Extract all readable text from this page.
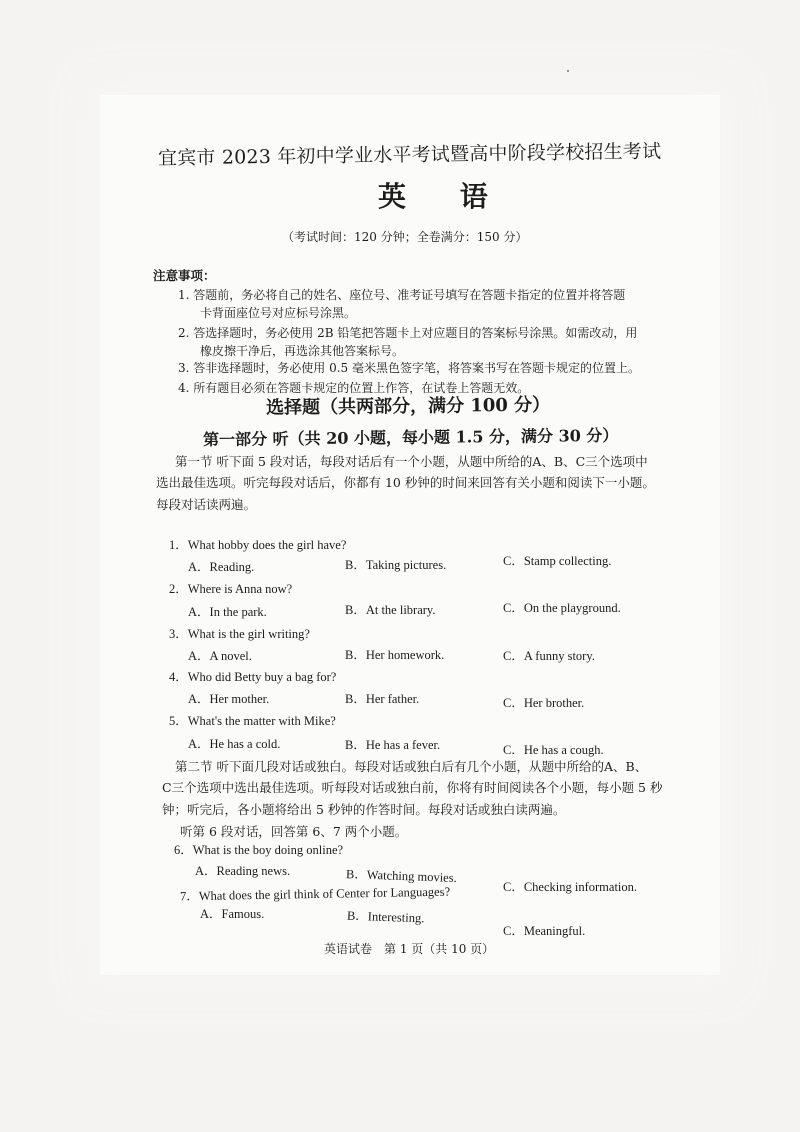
宜宾市 2023 年初中学业水平考试暨高中阶段学校招生考试
英 语
（考试时间：120 分钟；全卷满分：150 分）
注意事项：
1. 答题前，务必将自己的姓名、座位号、准考证号填写在答题卡指定的位置并将答题
卡背面座位号对应标号涂黑。
2. 答选择题时，务必使用 2B 铅笔把答题卡上对应题目的答案标号涂黑。如需改动，用
橡皮擦干净后，再选涂其他答案标号。
3. 答非选择题时，务必使用 0.5 毫米黑色签字笔，将答案书写在答题卡规定的位置上。
4. 所有题目必须在答题卡规定的位置上作答，在试卷上答题无效。
选择题（共两部分，满分 100 分）
第一部分 听（共 20 小题，每小题 1.5 分，满分 30 分）
第一节 听下面 5 段对话，每段对话后有一个小题，从题中所给的A、B、C三个选项中
选出最佳选项。听完每段对话后，你都有 10 秒钟的时间来回答有关小题和阅读下一小题。
每段对话读两遍。
1．What hobby does the girl have?
A．Reading.	B．Taking pictures.	C．Stamp collecting.
2．Where is Anna now?
A．In the park.	B．At the library.	C．On the playground.
3．What is the girl writing?
A．A novel.	B．Her homework.	C．A funny story.
4．Who did Betty buy a bag for?
A．Her mother.	B．Her father.	C．Her brother.
5．What's the matter with Mike?
A．He has a cold.	B．He has a fever.	C．He has a cough.
第二节 听下面几段对话或独白。每段对话或独白后有几个小题，从题中所给的A、B、
C三个选项中选出最佳选项。听每段对话或独白前，你将有时间阅读各个小题，每小题 5 秒
钟；听完后，各小题将给出 5 秒钟的作答时间。每段对话或独白读两遍。
听第 6 段对话，回答第 6、7 两个小题。
6．What is the boy doing online?
A．Reading news.	B．Watching movies.
C．Checking information.
7．What does the girl think of Center for Languages?
A．Famous.	B．Interesting.
C．Meaningful.
英语试卷　第 1 页（共 10 页）
